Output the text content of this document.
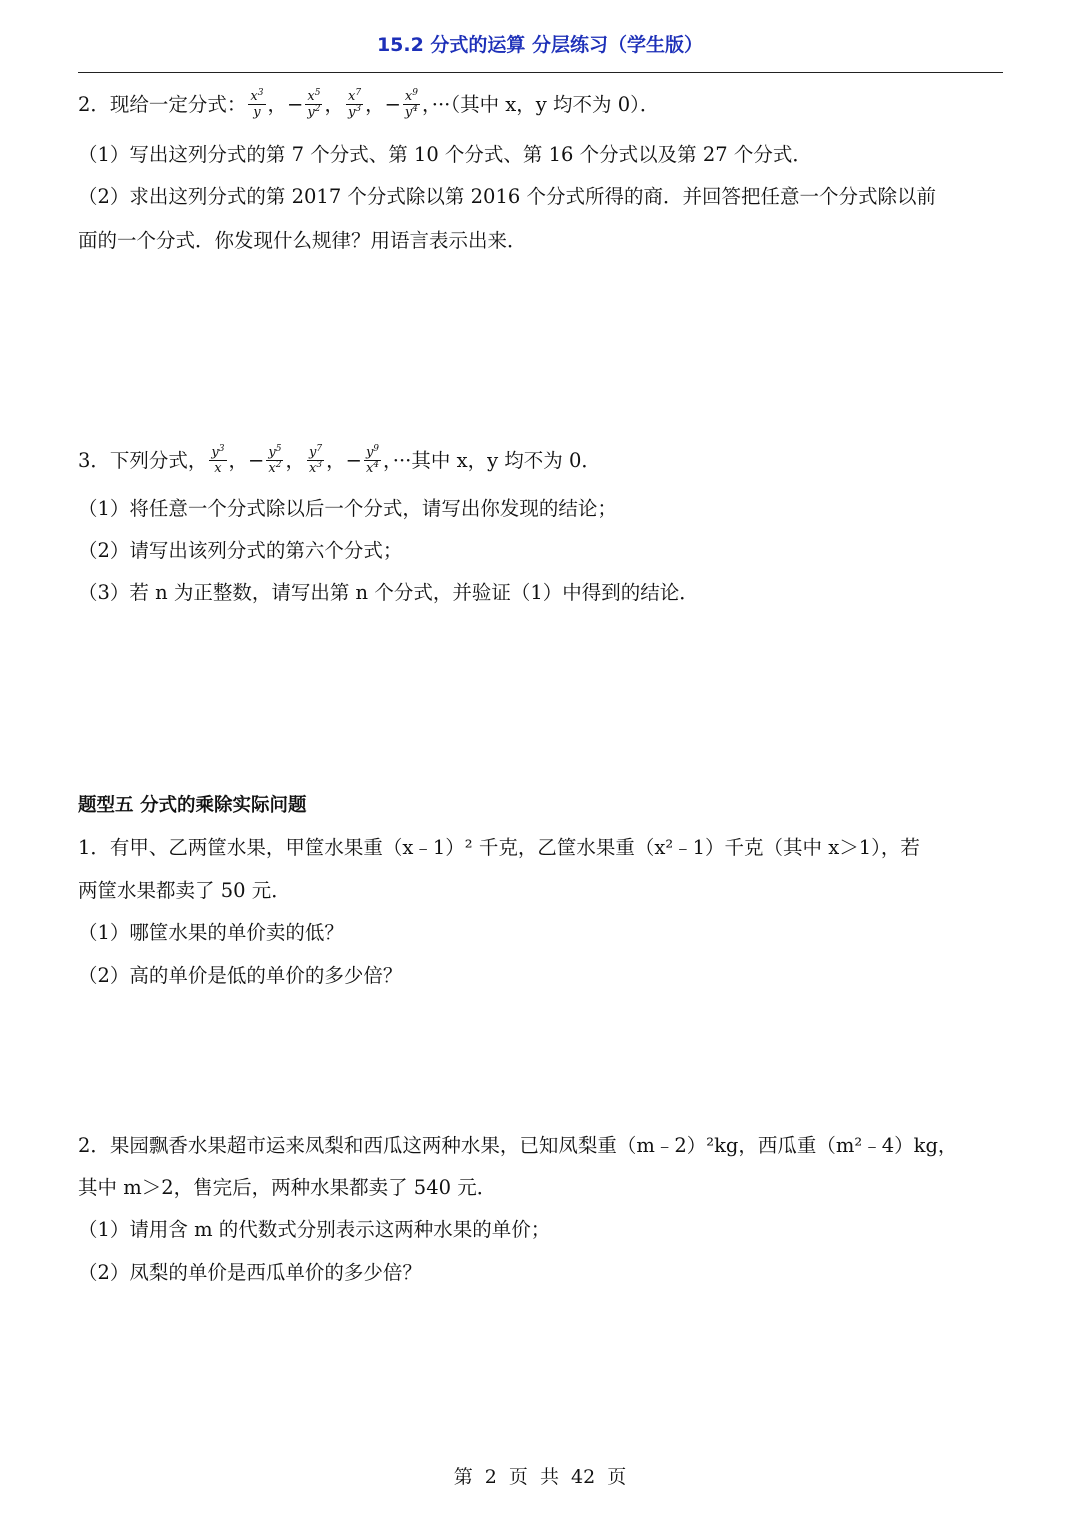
15.2 分式的运算 分层练习（学生版）
2．现给一定分式： $\frac{x^3}{y}$ ， − $\frac{x^5}{y^2}$ ， $\frac{x^7}{y^3}$ ， − $\frac{x^9}{y^4}$ ，···（其中 x，y 均不为 0）．
（1）写出这列分式的第 7 个分式、第 10 个分式、第 16 个分式以及第 27 个分式．
（2）求出这列分式的第 2017 个分式除以第 2016 个分式所得的商．并回答把任意一个分式除以前
面的一个分式．你发现什么规律？用语言表示出来．
3．下列分式， $\frac{y^3}{x}$ ， − $\frac{y^5}{x^2}$ ， $\frac{y^7}{x^3}$ ， − $\frac{y^9}{x^4}$ ，···其中 x，y 均不为 0．
（1）将任意一个分式除以后一个分式，请写出你发现的结论；
（2）请写出该列分式的第六个分式；
（3）若 n 为正整数，请写出第 n 个分式，并验证（1）中得到的结论．
题型五 分式的乘除实际问题
1．有甲、乙两筐水果，甲筐水果重（x﹣1）² 千克，乙筐水果重（x²﹣1）千克（其中 x＞1），若
两筐水果都卖了 50 元．
（1）哪筐水果的单价卖的低？
（2）高的单价是低的单价的多少倍？
2．果园飘香水果超市运来凤梨和西瓜这两种水果，已知凤梨重（m﹣2）²kg，西瓜重（m²﹣4）kg，
其中 m＞2，售完后，两种水果都卖了 540 元．
（1）请用含 m 的代数式分别表示这两种水果的单价；
（2）凤梨的单价是西瓜单价的多少倍？
第 2 页 共 42 页
